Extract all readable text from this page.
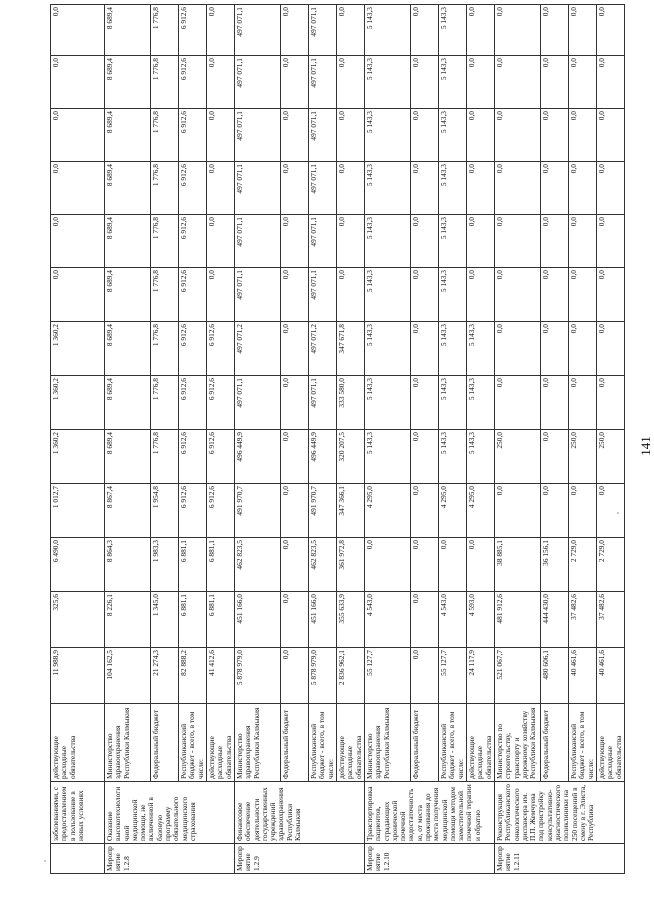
	заболеваниями, с предоставлением в пользование в новых условиях	действующие расходные обязательства	11 988,9	325,6	6 490,0	1 012,7	1 360,2	1 360,2	1 360,2	0,0	0,0	0,0	0,0	0,0	0,0
Мероприятие 1.2.8	Оказание высокотехнологичной медицинской помощи, не включенной в базовую программу обязательного медицинского страхования	Министерство здравоохранения Республики Калмыкия	104 162,5	8 226,1	8 864,3	8 867,4	8 689,4	8 689,4	8 689,4	8 689,4	8 689,4	8 689,4	8 689,4	8 689,4	8 689,4
		Федеральный бюджет	21 274,3	1 345,0	1 983,3	1 954,8	1 776,8	1 776,8	1 776,8	1 776,8	1 776,8	1 776,8	1 776,8	1 776,8	1 776,8
		Республиканский бюджет - всего, в том числе:	82 888,2	6 881,1	6 881,1	6 912,6	6 912,6	6 912,6	6 912,6	6 912,6	6 912,6	6 912,6	6 912,6	6 912,6	6 912,6
		действующие расходные обязательства	41 412,6	6 881,1	6 881,1	6 912,6	6 912,6	6 912,6	6 912,6	0,0	0,0	0,0	0,0	0,0	0,0
Мероприятие 1.2.9	Финансовое обеспечение деятельности государственных учреждений здравоохранения Республики Калмыкия	Министерство здравоохранения Республики Калмыкия	5 878 979,0	451 166,0	462 823,5	491 970,7	496 449,9	497 071,1	497 071,2	497 071,1	497 071,1	497 071,1	497 071,1	497 071,1	497 071,1
		Федеральный бюджет	0,0	0,0	0,0	0,0	0,0	0,0	0,0	0,0	0,0	0,0	0,0	0,0	0,0
		Республиканский бюджет - всего, в том числе:	5 878 979,0	451 166,0	462 823,5	491 970,7	496 449,9	497 071,1	497 071,2	497 071,1	497 071,1	497 071,1	497 071,1	497 071,1	497 071,1
		действующие расходные обязательства	2 836 962,1	355 633,9	361 972,8	347 366,1	320 207,5	333 580,0	347 671,8	0,0	0,0	0,0	0,0	0,0	0,0
Мероприятие 1.2.10	Транспортировка пациентов, страдающих хронической почечной недостаточностью, от места проживания до места получения медицинской помощи методом заместительной почечной терапии и обратно	Министерство здравоохранения Республики Калмыкия	55 127,7	4 543,0	0,0	4 295,0	5 143,3	5 143,3	5 143,3	5 143,3	5 143,3	5 143,3	5 143,3	5 143,3	5 143,3
		Федеральный бюджет	0,0	0,0	0,0	0,0	0,0	0,0	0,0	0,0	0,0	0,0	0,0	0,0	0,0
		Республиканский бюджет - всего, в том числе:	55 127,7	4 543,0	0,0	4 295,0	5 143,3	5 143,3	5 143,3	5 143,3	5 143,3	5 143,3	5 143,3	5 143,3	5 143,3
		действующие расходные обязательства	24 117,9	4 593,0	0,0	4 295,0	5 143,3	5 143,3	5 143,3	0,0	0,0	0,0	0,0	0,0	0,0
Мероприятие 1.2.11	Реконструкция Республиканского онкологического диспансера им. П.П. Жемчуева под пристройку консультативно-диагностического поликлиники на 250 посещений в смену в г. Элиста, Республика	Министерство по строительству, транспорту и дорожному хозяйству Республики Калмыкия	521 067,7	481 912,6	38 885,1	0,0	250,0	0,0	0,0	0,0	0,0	0,0	0,0	0,0	0,0
		Федеральный бюджет	480 606,1	444 430,0	36 156,1	0,0	0,0	0,0	0,0	0,0	0,0	0,0	0,0	0,0	0,0
		Республиканский бюджет - всего, в том числе:	40 461,6	37 482,6	2 729,0	0,0	250,0	0,0	0,0	0,0	0,0	0,0	0,0	0,0	0,0
		действующие расходные обязательства	40 461,6	37 482,6	2 729,0	0,0	250,0	0,0	0,0	0,0	0,0	0,0	0,0	0,0	0,0
141
